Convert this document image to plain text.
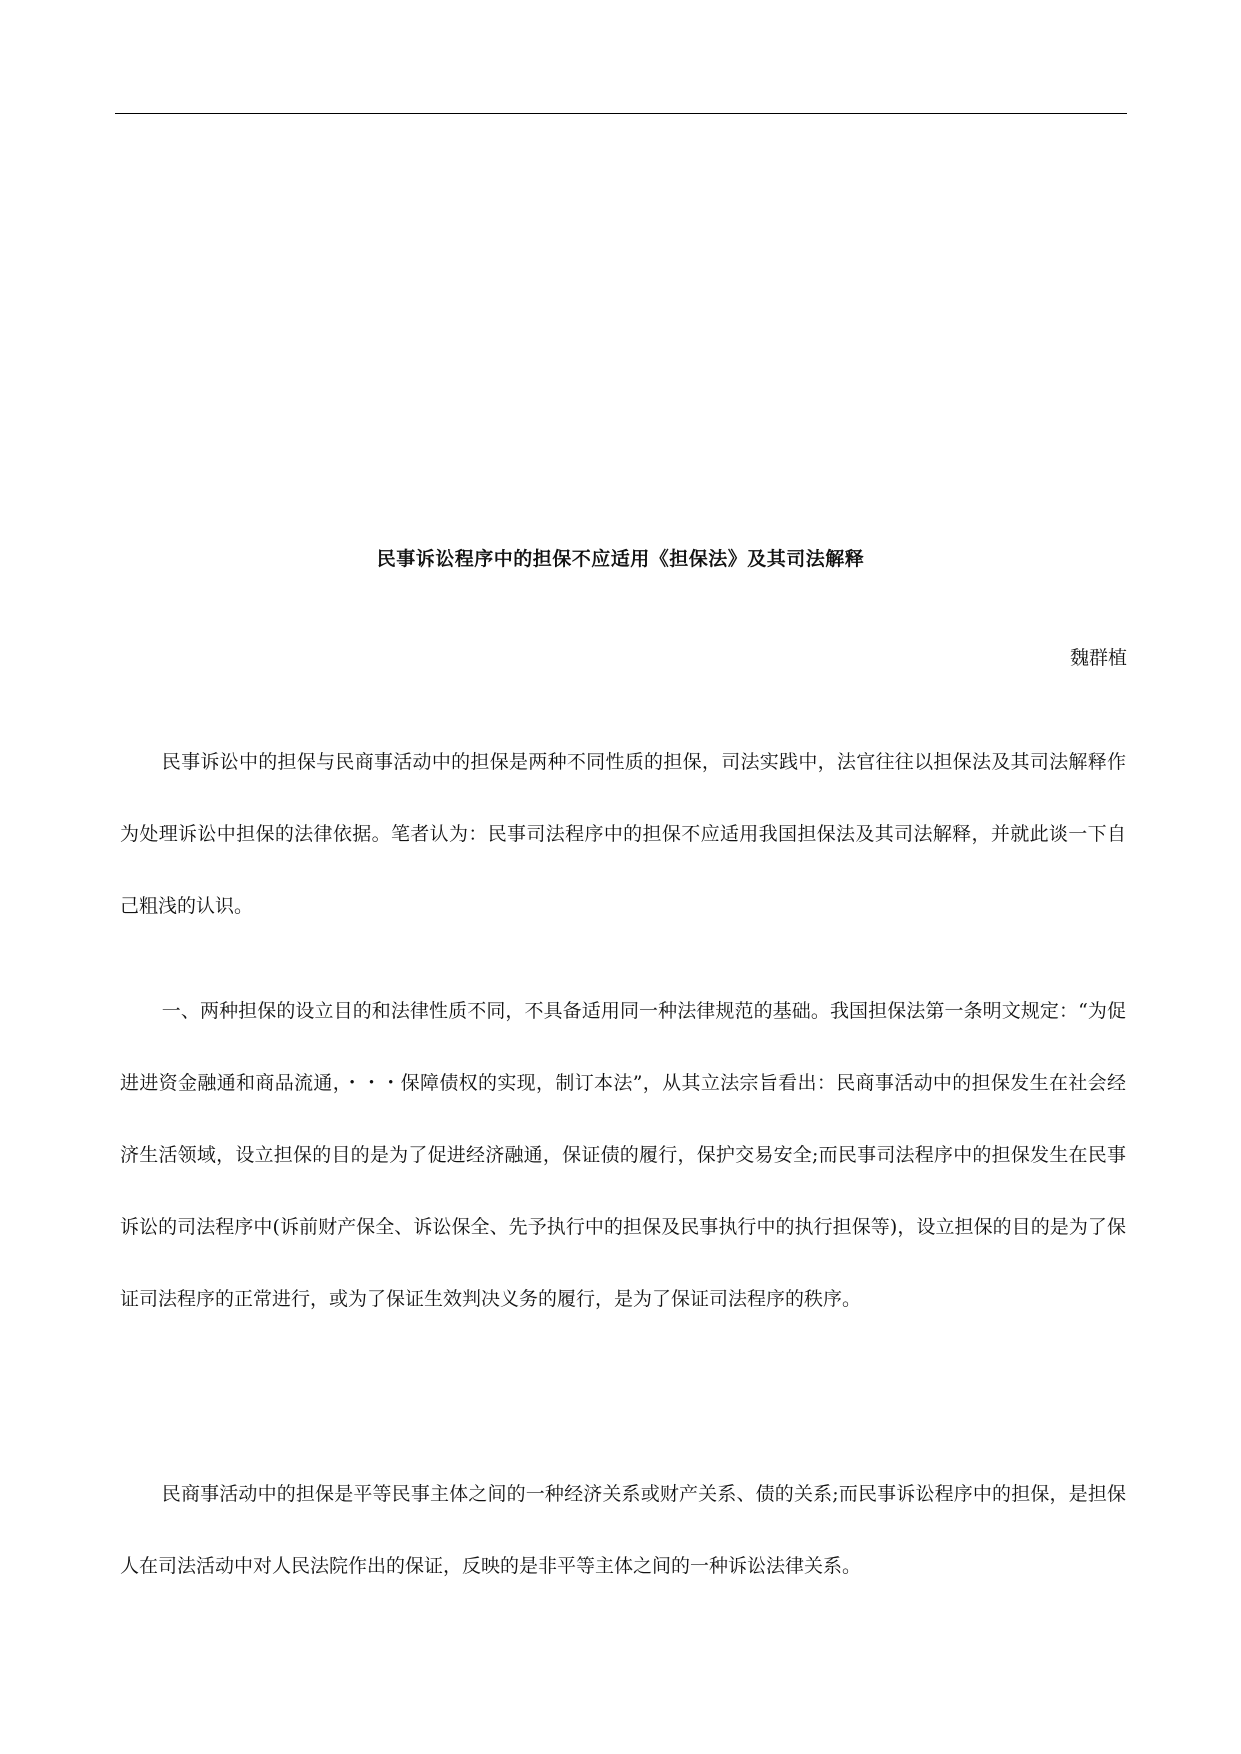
民事诉讼程序中的担保不应适用《担保法》及其司法解释
魏群植

民事诉讼中的担保与民商事活动中的担保是两种不同性质的担保，司法实践中，法官往往以担保法及其司法解释作为处理诉讼中担保的法律依据。笔者认为：民事司法程序中的担保不应适用我国担保法及其司法解释，并就此谈一下自己粗浅的认识。

一、两种担保的设立目的和法律性质不同，不具备适用同一种法律规范的基础。我国担保法第一条明文规定：“为促进进资金融通和商品流通，・・・保障债权的实现，制订本法”，从其立法宗旨看出：民商事活动中的担保发生在社会经济生活领域，设立担保的目的是为了促进经济融通，保证债的履行，保护交易安全;而民事司法程序中的担保发生在民事诉讼的司法程序中(诉前财产保全、诉讼保全、先予执行中的担保及民事执行中的执行担保等)，设立担保的目的是为了保证司法程序的正常进行，或为了保证生效判决义务的履行，是为了保证司法程序的秩序。

民商事活动中的担保是平等民事主体之间的一种经济关系或财产关系、债的关系;而民事诉讼程序中的担保，是担保人在司法活动中对人民法院作出的保证，反映的是非平等主体之间的一种诉讼法律关系。
